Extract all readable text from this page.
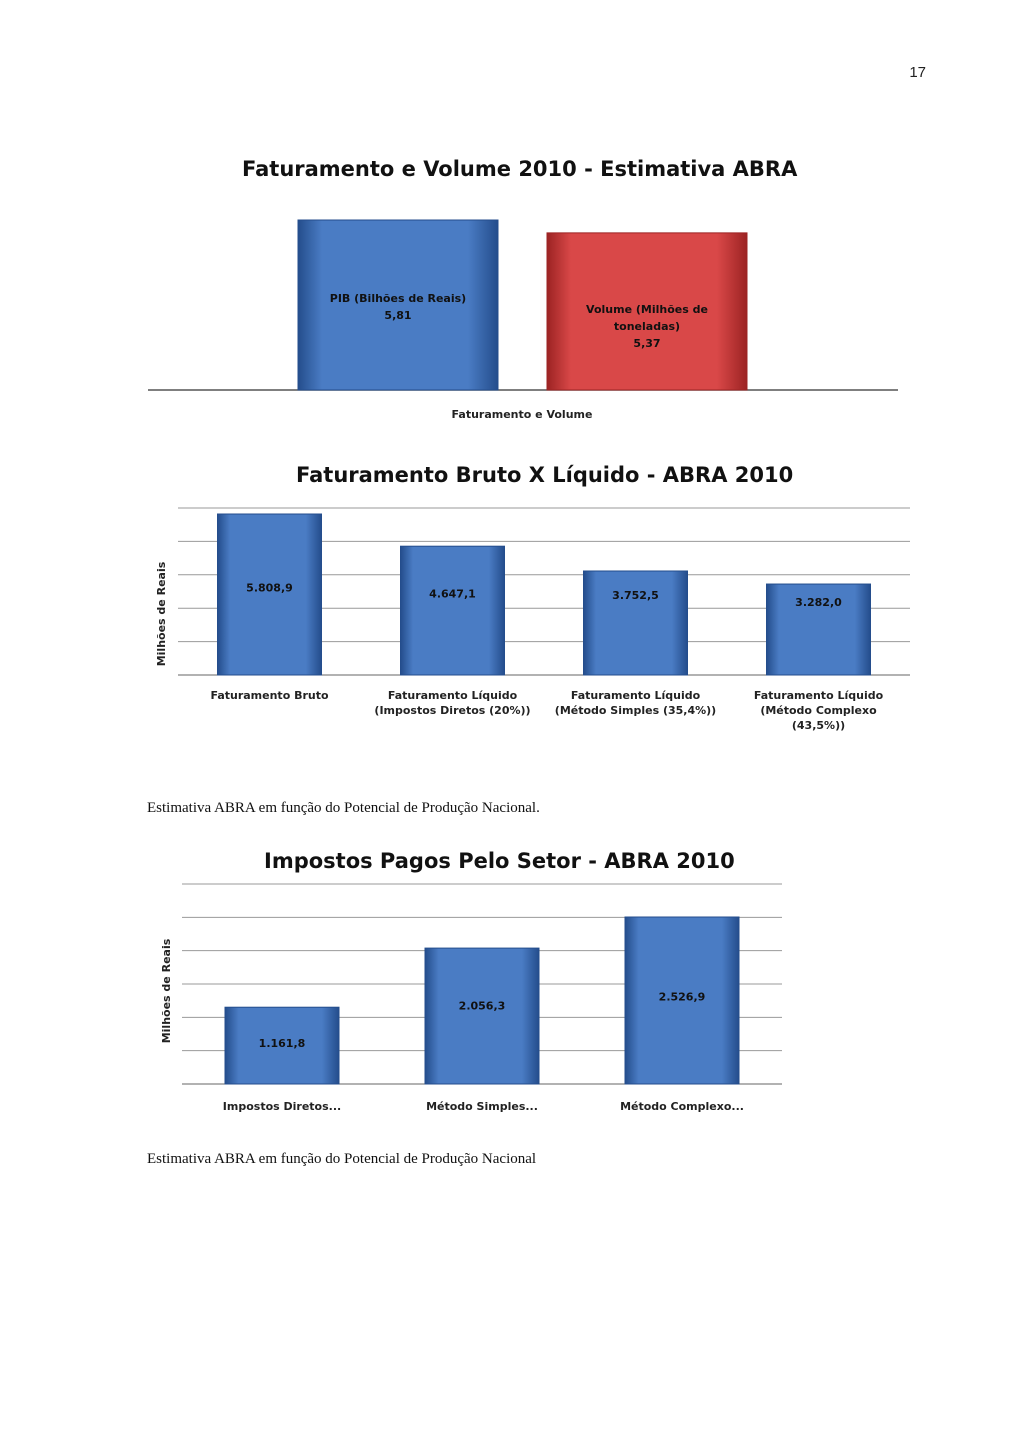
17
Faturamento e Volume 2010 - Estimativa ABRA
Faturamento Bruto X Líquido - ABRA 2010
Impostos Pagos Pelo Setor - ABRA 2010
PIB (Bilhões de Reais) 5,81	Volume (Milhões de toneladas) 5,37
Faturamento e Volume
5.808,9
Faturamento Bruto
4.647,1
Faturamento Líquido (Impostos Diretos (20%))
3.752,5
Faturamento Líquido (Método Simples (35,4%))
3.282,0
Faturamento Líquido (Método Complexo (43,5%))
Milhões de Reais
1.161,8
Impostos Diretos...
2.056,3
Método Simples...
2.526,9
Método Complexo...
Milhões de Reais
Estimativa ABRA em função do Potencial de Produção Nacional.
Estimativa ABRA em função do Potencial de Produção Nacional
